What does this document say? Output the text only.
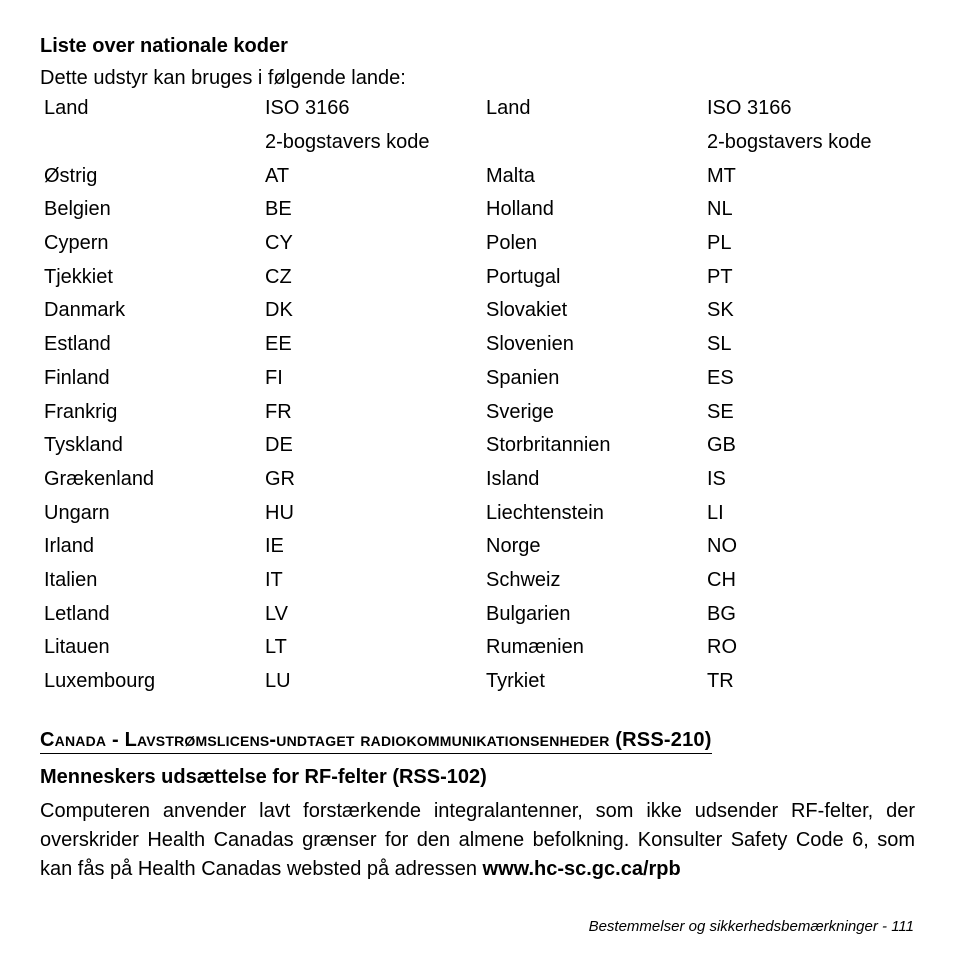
Liste over nationale koder
Dette udstyr kan bruges i følgende lande:
Land	ISO 3166	Land	ISO 3166
	2-bogstavers kode		2-bogstavers kode
Østrig	AT	Malta	MT
Belgien	BE	Holland	NL
Cypern	CY	Polen	PL
Tjekkiet	CZ	Portugal	PT
Danmark	DK	Slovakiet	SK
Estland	EE	Slovenien	SL
Finland	FI	Spanien	ES
Frankrig	FR	Sverige	SE
Tyskland	DE	Storbritannien	GB
Grækenland	GR	Island	IS
Ungarn	HU	Liechtenstein	LI
Irland	IE	Norge	NO
Italien	IT	Schweiz	CH
Letland	LV	Bulgarien	BG
Litauen	LT	Rumænien	RO
Luxembourg	LU	Tyrkiet	TR
Canada - Lavstrømslicens-undtaget radiokommunikationsenheder (RSS-210)
Menneskers udsættelse for RF-felter (RSS-102)
Computeren anvender lavt forstærkende integralantenner, som ikke udsender RF-felter, der overskrider Health Canadas grænser for den almene befolkning. Konsulter Safety Code 6, som kan fås på Health Canadas websted på adressen www.hc-sc.gc.ca/rpb
Bestemmelser og sikkerhedsbemærkninger - 111
